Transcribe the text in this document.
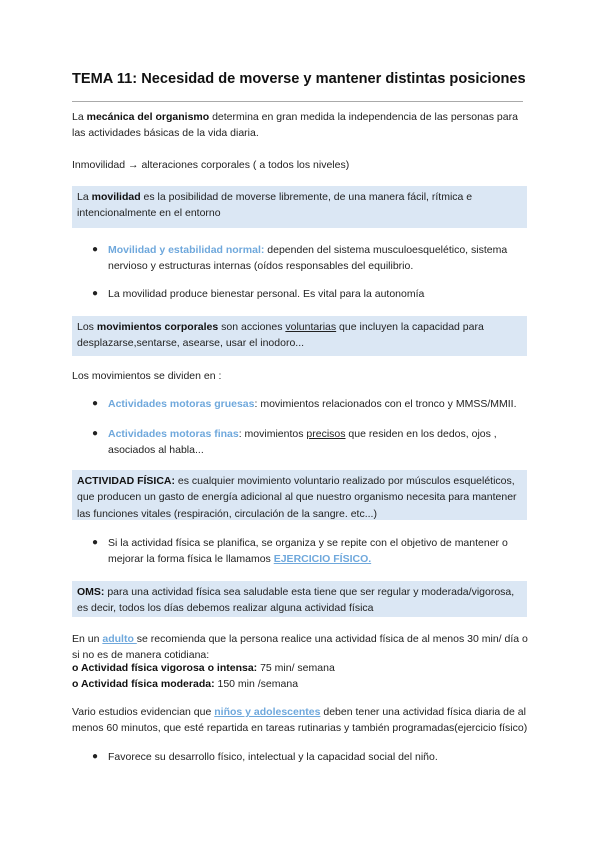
TEMA 11: Necesidad de moverse y mantener distintas posiciones
La mecánica del organismo determina en gran medida la independencia de las personas para las actividades básicas de la vida diaria.
Inmovilidad → alteraciones corporales ( a todos los niveles)
La movilidad es la posibilidad de moverse libremente, de una manera fácil, rítmica e intencionalmente en el entorno
● Movilidad y estabilidad normal: dependen del sistema musculoesquelético, sistema nervioso y estructuras internas (oídos responsables del equilibrio.
● La movilidad produce bienestar personal. Es vital para la autonomía
Los movimientos corporales son acciones voluntarias que incluyen la capacidad para desplazarse,sentarse, asearse, usar el inodoro...
Los movimientos se dividen en :
● Actividades motoras gruesas: movimientos relacionados con el tronco y MMSS/MMII.
● Actividades motoras finas: movimientos precisos que residen en los dedos, ojos , asociados al habla...
ACTIVIDAD FÍSICA: es cualquier movimiento voluntario realizado por músculos esqueléticos, que producen un gasto de energía adicional al que nuestro organismo necesita para mantener las funciones vitales (respiración, circulación de la sangre. etc...)
● Si la actividad física se planifica, se organiza y se repite con el objetivo de mantener o mejorar la forma física le llamamos EJERCICIO FÍSICO.
OMS: para una actividad física sea saludable esta tiene que ser regular y moderada/vigorosa, es decir, todos los días debemos realizar alguna actividad física
En un adulto se recomienda que la persona realice una actividad física de al menos 30 min/ día o si no es de manera cotidiana:
o Actividad física vigorosa o intensa: 75 min/ semana
o Actividad física moderada: 150 min /semana
Vario estudios evidencian que niños y adolescentes deben tener una actividad física diaria de al menos 60 minutos, que esté repartida en tareas rutinarias y también programadas(ejercicio físico)
● Favorece su desarrollo físico, intelectual y la capacidad social del niño.
